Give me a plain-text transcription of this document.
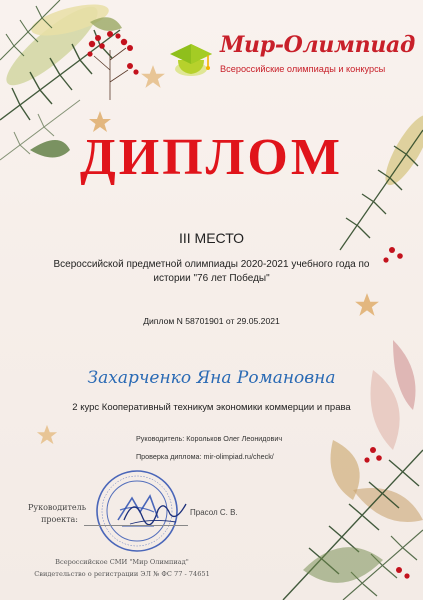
Мир-Олимпиад
Всероссийские олимпиады и конкурсы
ДИПЛОМ
III МЕСТО
Всероссийской предметной олимпиады 2020-2021 учебного года по истории "76 лет Победы"
Диплом N 58701901 от 29.05.2021
Захарченко Яна Романовна
2 курс Кооперативный техникум экономики коммерции и права
Руководитель: Корольков Олег Леонидович
Проверка диплома: mir-olimpiad.ru/check/
Руководитель
проекта:
Прасол С. В.
Всероссийское СМИ "Мир Олимпиад"
Свидетельство о регистрации ЭЛ № ФС 77 - 74651
